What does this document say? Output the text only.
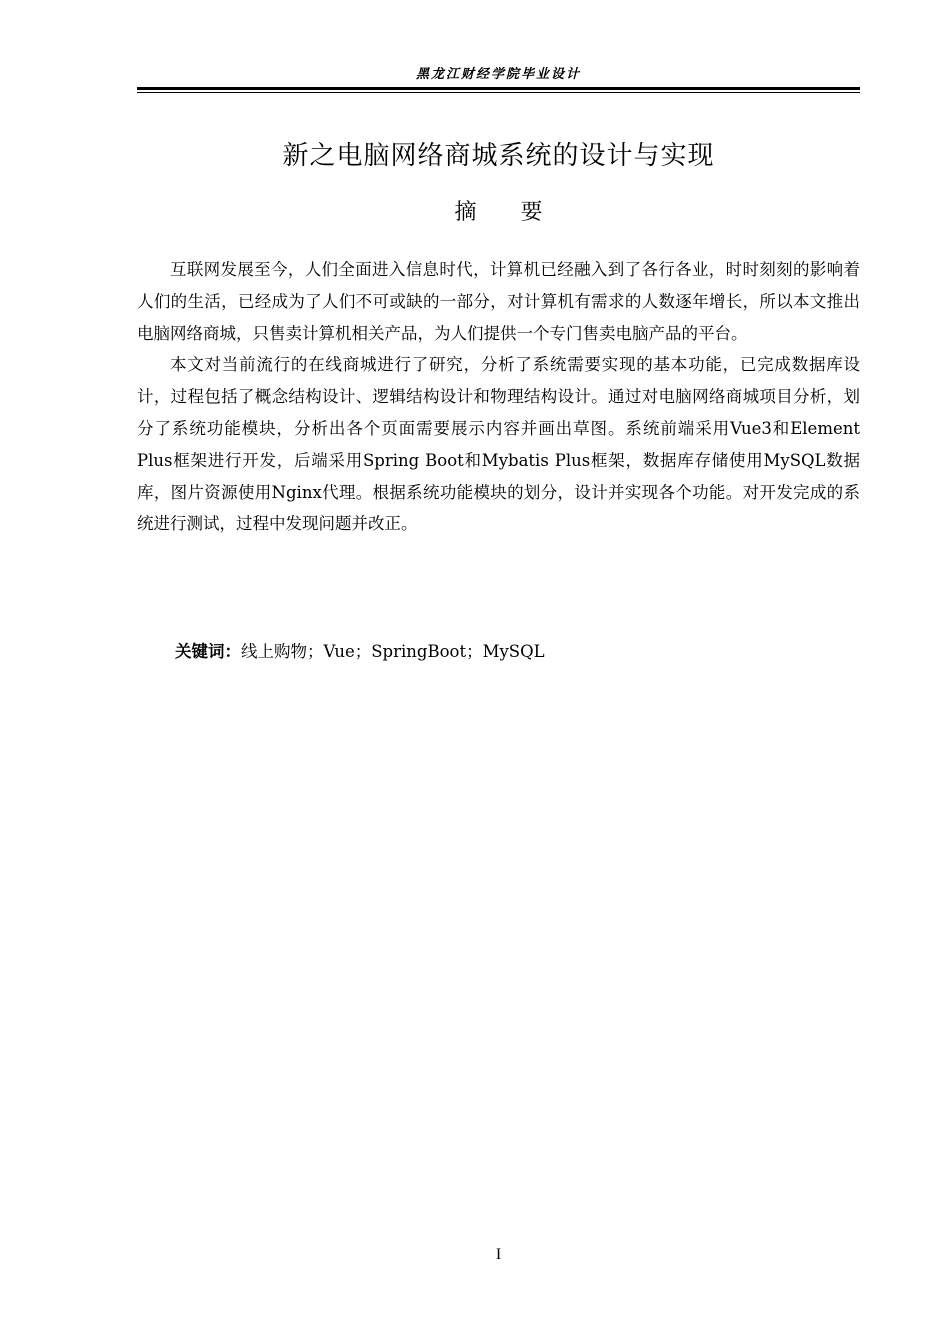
黑龙江财经学院毕业设计
新之电脑网络商城系统的设计与实现
摘要

互联网发展至今，人们全面进入信息时代，计算机已经融入到了各行各业，时时刻刻的影响着人们的生活，已经成为了人们不可或缺的一部分，对计算机有需求的人数逐年增长，所以本文推出电脑网络商城，只售卖计算机相关产品，为人们提供一个专门售卖电脑产品的平台。

本文对当前流行的在线商城进行了研究，分析了系统需要实现的基本功能，已完成数据库设计，过程包括了概念结构设计、逻辑结构设计和物理结构设计。通过对电脑网络商城项目分析，划分了系统功能模块，分析出各个页面需要展示内容并画出草图。系统前端采用Vue3和Element Plus框架进行开发，后端采用Spring Boot和Mybatis Plus框架，数据库存储使用MySQL数据库，图片资源使用Nginx代理。根据系统功能模块的划分，设计并实现各个功能。对开发完成的系统进行测试，过程中发现问题并改正。

关键词：线上购物；Vue；SpringBoot；MySQL
I
